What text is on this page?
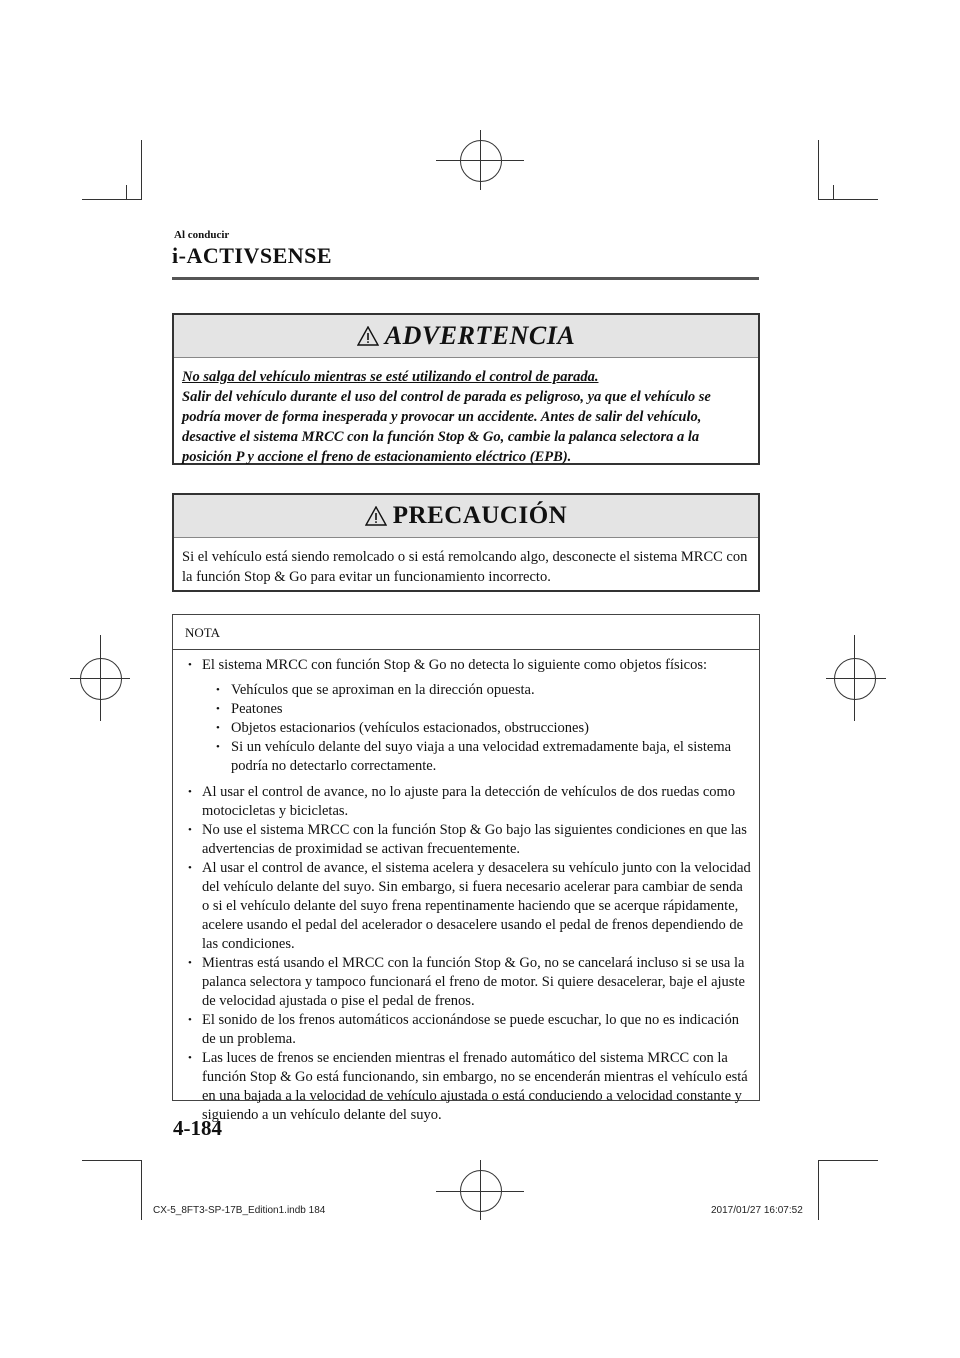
Al conducir
i-ACTIVSENSE
ADVERTENCIA
No salga del vehículo mientras se esté utilizando el control de parada.
Salir del vehículo durante el uso del control de parada es peligroso, ya que el vehículo se podría mover de forma inesperada y provocar un accidente. Antes de salir del vehículo, desactive el sistema MRCC con la función Stop & Go, cambie la palanca selectora a la posición P y accione el freno de estacionamiento eléctrico (EPB).
PRECAUCIÓN
Si el vehículo está siendo remolcado o si está remolcando algo, desconecte el sistema MRCC con la función Stop & Go para evitar un funcionamiento incorrecto.
NOTA
• El sistema MRCC con función Stop & Go no detecta lo siguiente como objetos físicos:
• Vehículos que se aproximan en la dirección opuesta.
• Peatones
• Objetos estacionarios (vehículos estacionados, obstrucciones)
• Si un vehículo delante del suyo viaja a una velocidad extremadamente baja, el sistema podría no detectarlo correctamente.
• Al usar el control de avance, no lo ajuste para la detección de vehículos de dos ruedas como motocicletas y bicicletas.
• No use el sistema MRCC con la función Stop & Go bajo las siguientes condiciones en que las advertencias de proximidad se activan frecuentemente.
• Al usar el control de avance, el sistema acelera y desacelera su vehículo junto con la velocidad del vehículo delante del suyo. Sin embargo, si fuera necesario acelerar para cambiar de senda o si el vehículo delante del suyo frena repentinamente haciendo que se acerque rápidamente, acelere usando el pedal del acelerador o desacelere usando el pedal de frenos dependiendo de las condiciones.
• Mientras está usando el MRCC con la función Stop & Go, no se cancelará incluso si se usa la palanca selectora y tampoco funcionará el freno de motor. Si quiere desacelerar, baje el ajuste de velocidad ajustada o pise el pedal de frenos.
• El sonido de los frenos automáticos accionándose se puede escuchar, lo que no es indicación de un problema.
• Las luces de frenos se encienden mientras el frenado automático del sistema MRCC con la función Stop & Go está funcionando, sin embargo, no se encenderán mientras el vehículo está en una bajada a la velocidad de vehículo ajustada o está conduciendo a velocidad constante y siguiendo a un vehículo delante del suyo.
4-184
CX-5_8FT3-SP-17B_Edition1.indb 184	2017/01/27 16:07:52
